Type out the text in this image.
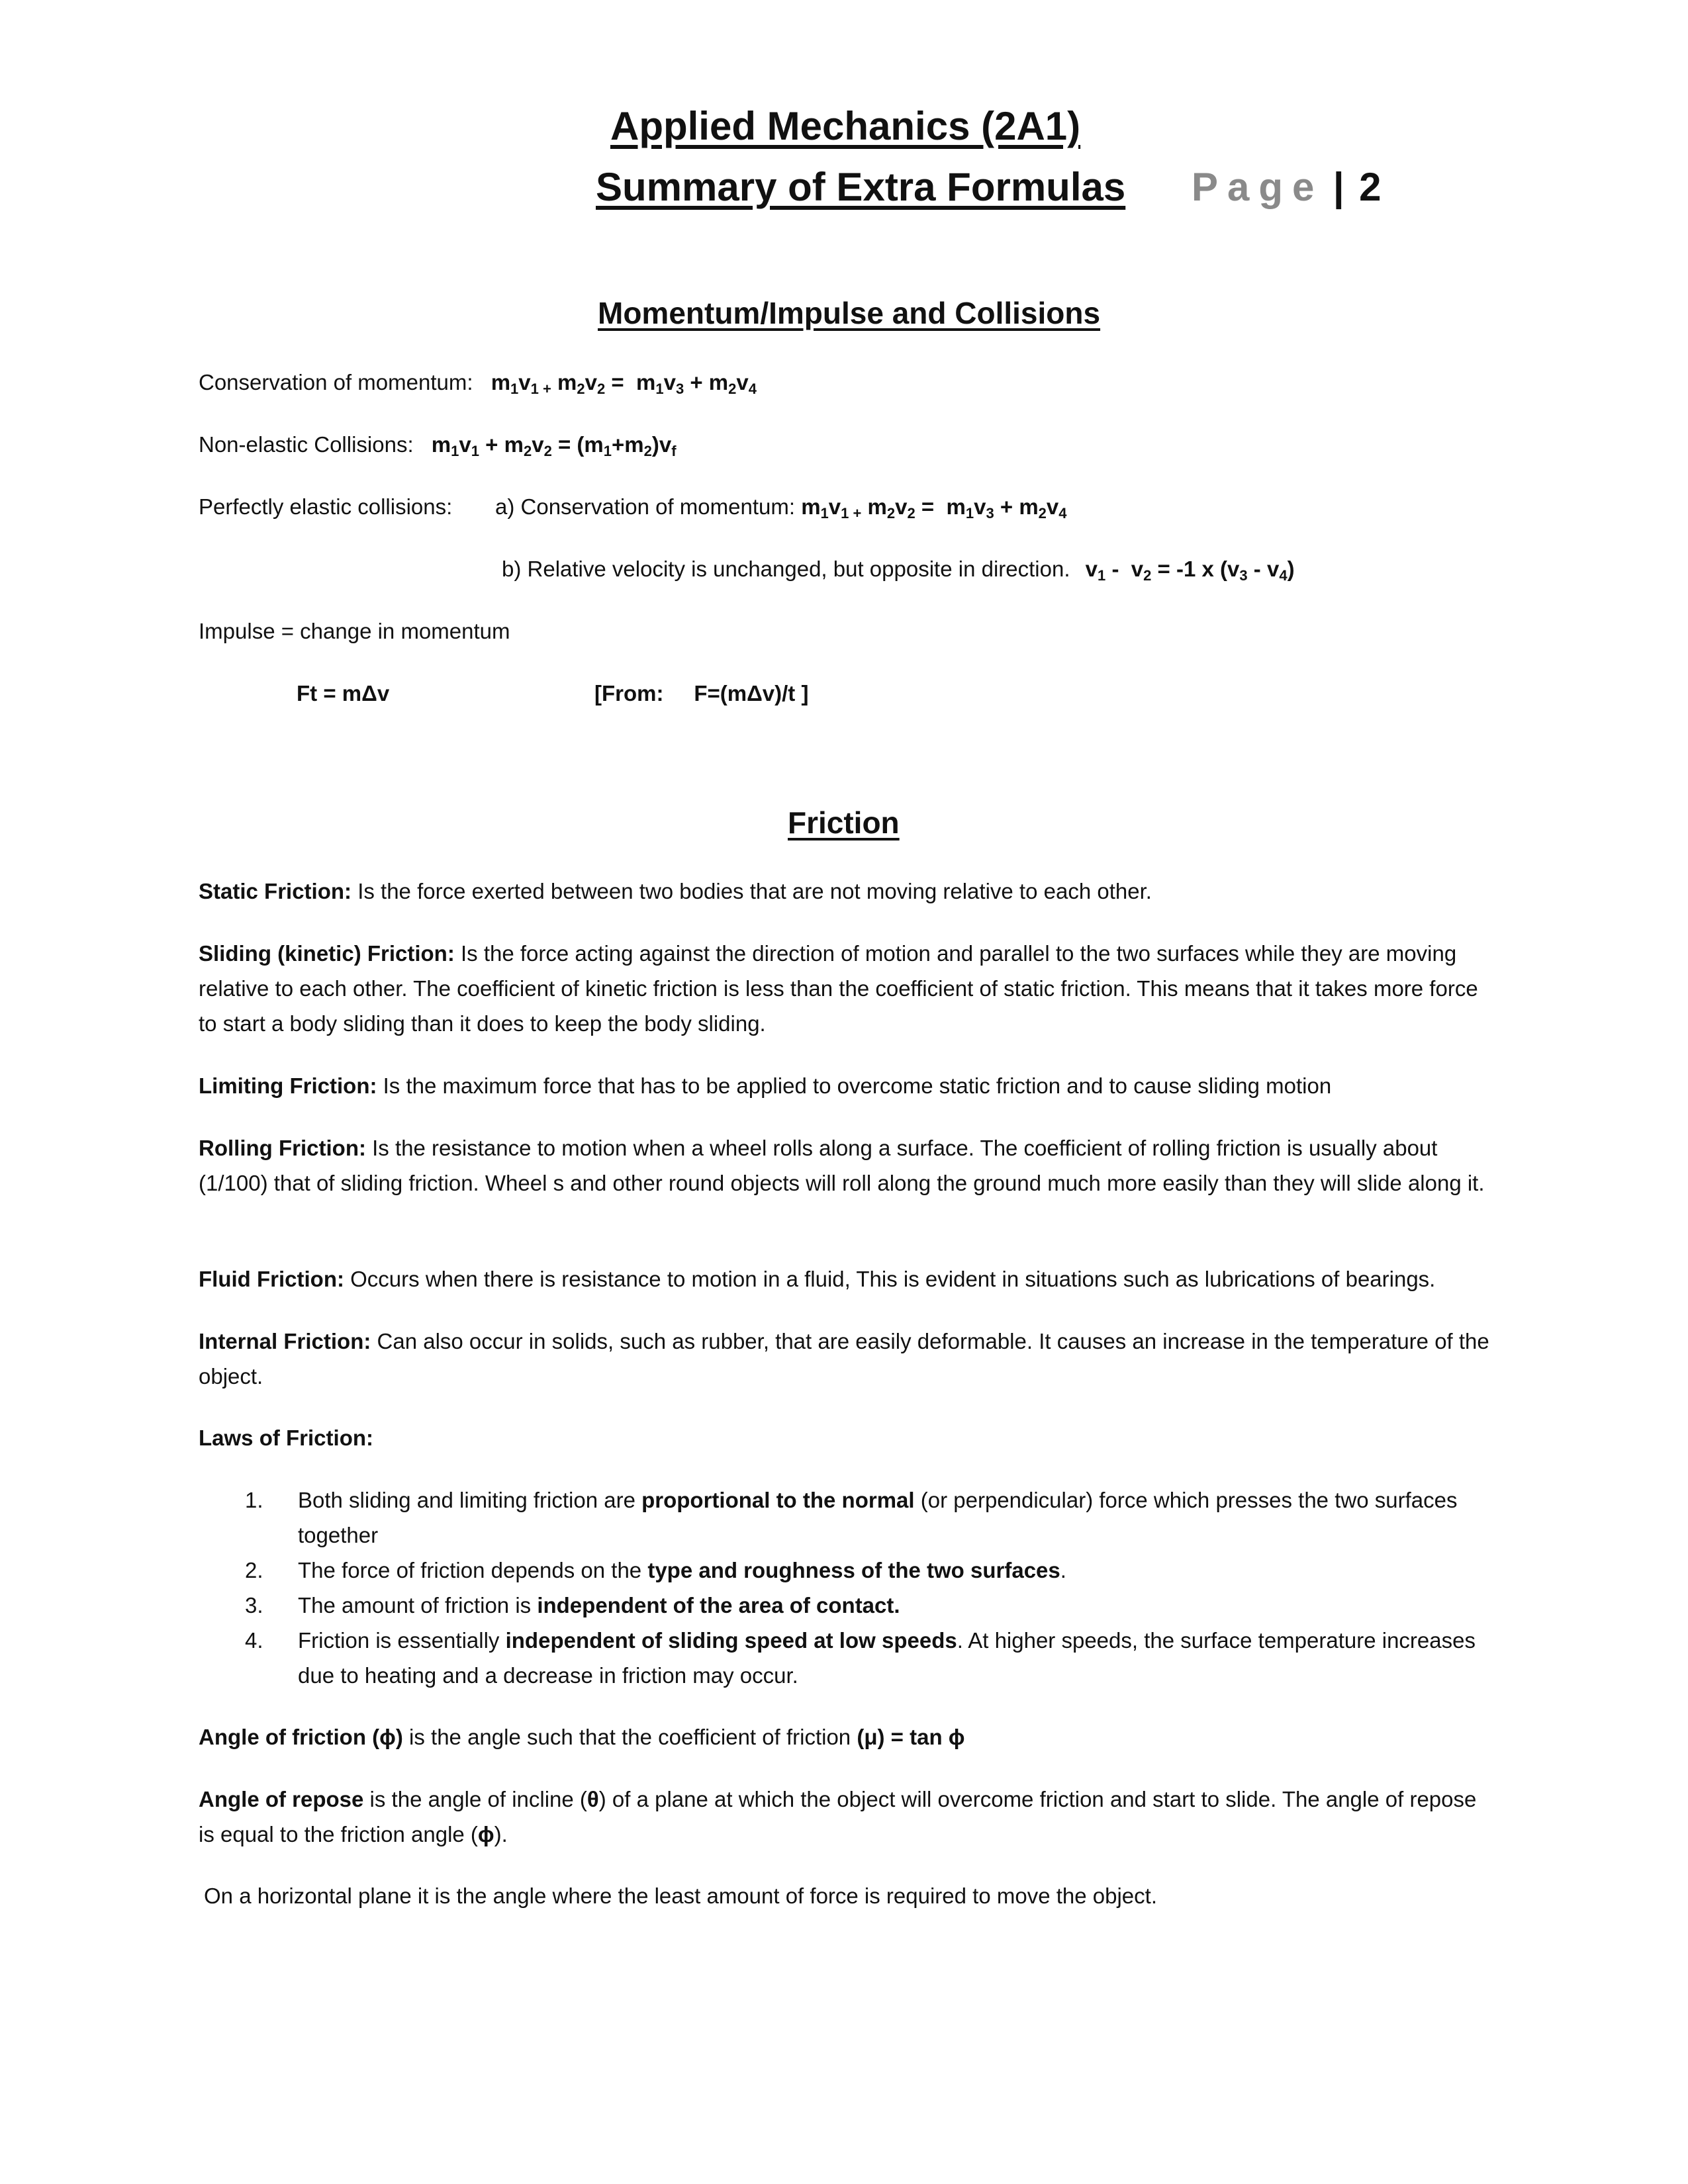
Applied Mechanics (2A1)
Summary of Extra Formulas Page | 2
Momentum/Impulse and Collisions
Conservation of momentum: $m_1v_{1 +}$ $m_2v_2 = m_1v_3 + m_2v_4$
Non-elastic Collisions: $m_1v_1 + m_2v_2 = (m_1+m_2)v_f$
Perfectly elastic collisions: a) Conservation of momentum: $m_1v_{1 +}$ $m_2v_2 = m_1v_3 + m_2v_4$
b) Relative velocity is unchanged, but opposite in direction. $v_1 - v_2 = -1$ x $(v_3 - v_4)$
Impulse = change in momentum
Ft = mΔv	[From:     F=(mΔv)/t ]
Friction
Static Friction: Is the force exerted between two bodies that are not moving relative to each other.
Sliding (kinetic) Friction: Is the force acting against the direction of motion and parallel to the two surfaces while they are moving relative to each other. The coefficient of kinetic friction is less than the coefficient of static friction. This means that it takes more force to start a body sliding than it does to keep the body sliding.
Limiting Friction: Is the maximum force that has to be applied to overcome static friction and to cause sliding motion
Rolling Friction: Is the resistance to motion when a wheel rolls along a surface. The coefficient of rolling friction is usually about (1/100) that of sliding friction. Wheel s and other round objects will roll along the ground much more easily than they will slide along it.
Fluid Friction: Occurs when there is resistance to motion in a fluid, This is evident in situations such as lubrications of bearings.
Internal Friction: Can also occur in solids, such as rubber, that are easily deformable. It causes an increase in the temperature of the object.
Laws of Friction:
1. Both sliding and limiting friction are proportional to the normal (or perpendicular) force which presses the two surfaces together
2. The force of friction depends on the type and roughness of the two surfaces.
3. The amount of friction is independent of the area of contact.
4. Friction is essentially independent of sliding speed at low speeds. At higher speeds, the surface temperature increases due to heating and a decrease in friction may occur.
Angle of friction (ϕ) is the angle such that the coefficient of friction (μ) = tan ϕ
Angle of repose is the angle of incline (θ) of a plane at which the object will overcome friction and start to slide. The angle of repose is equal to the friction angle (ϕ).
On a horizontal plane it is the angle where the least amount of force is required to move the object.
